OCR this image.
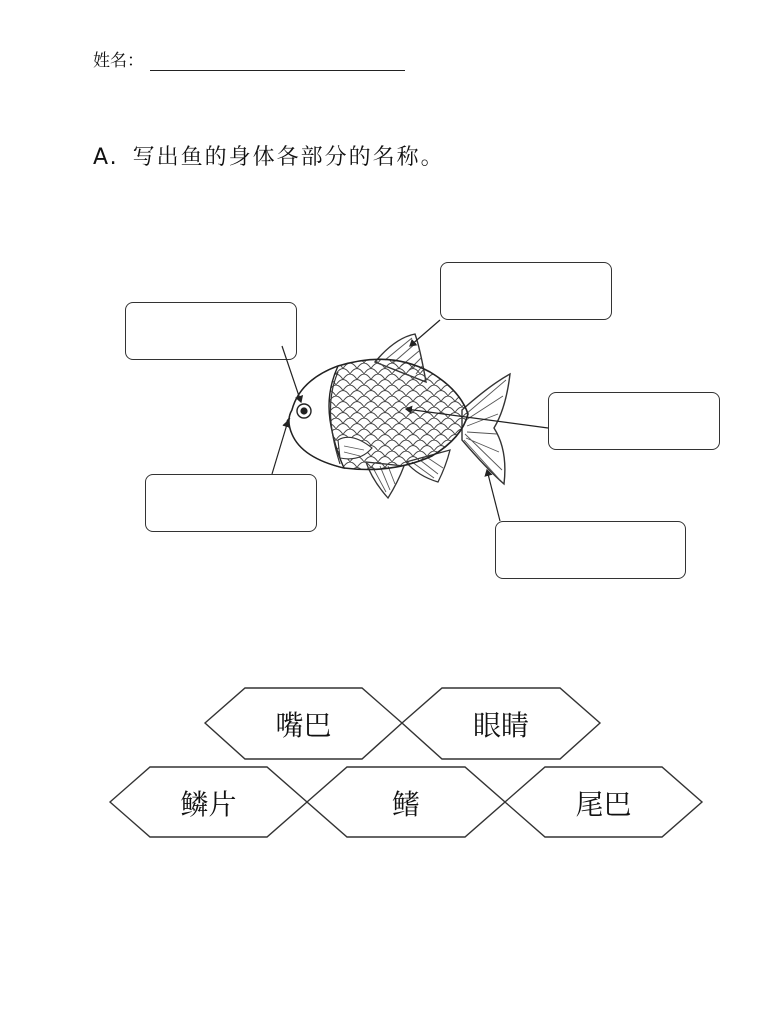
姓名：
A. 写出鱼的身体各部分的名称。
嘴巴	眼睛
鳞片	鳍	尾巴
